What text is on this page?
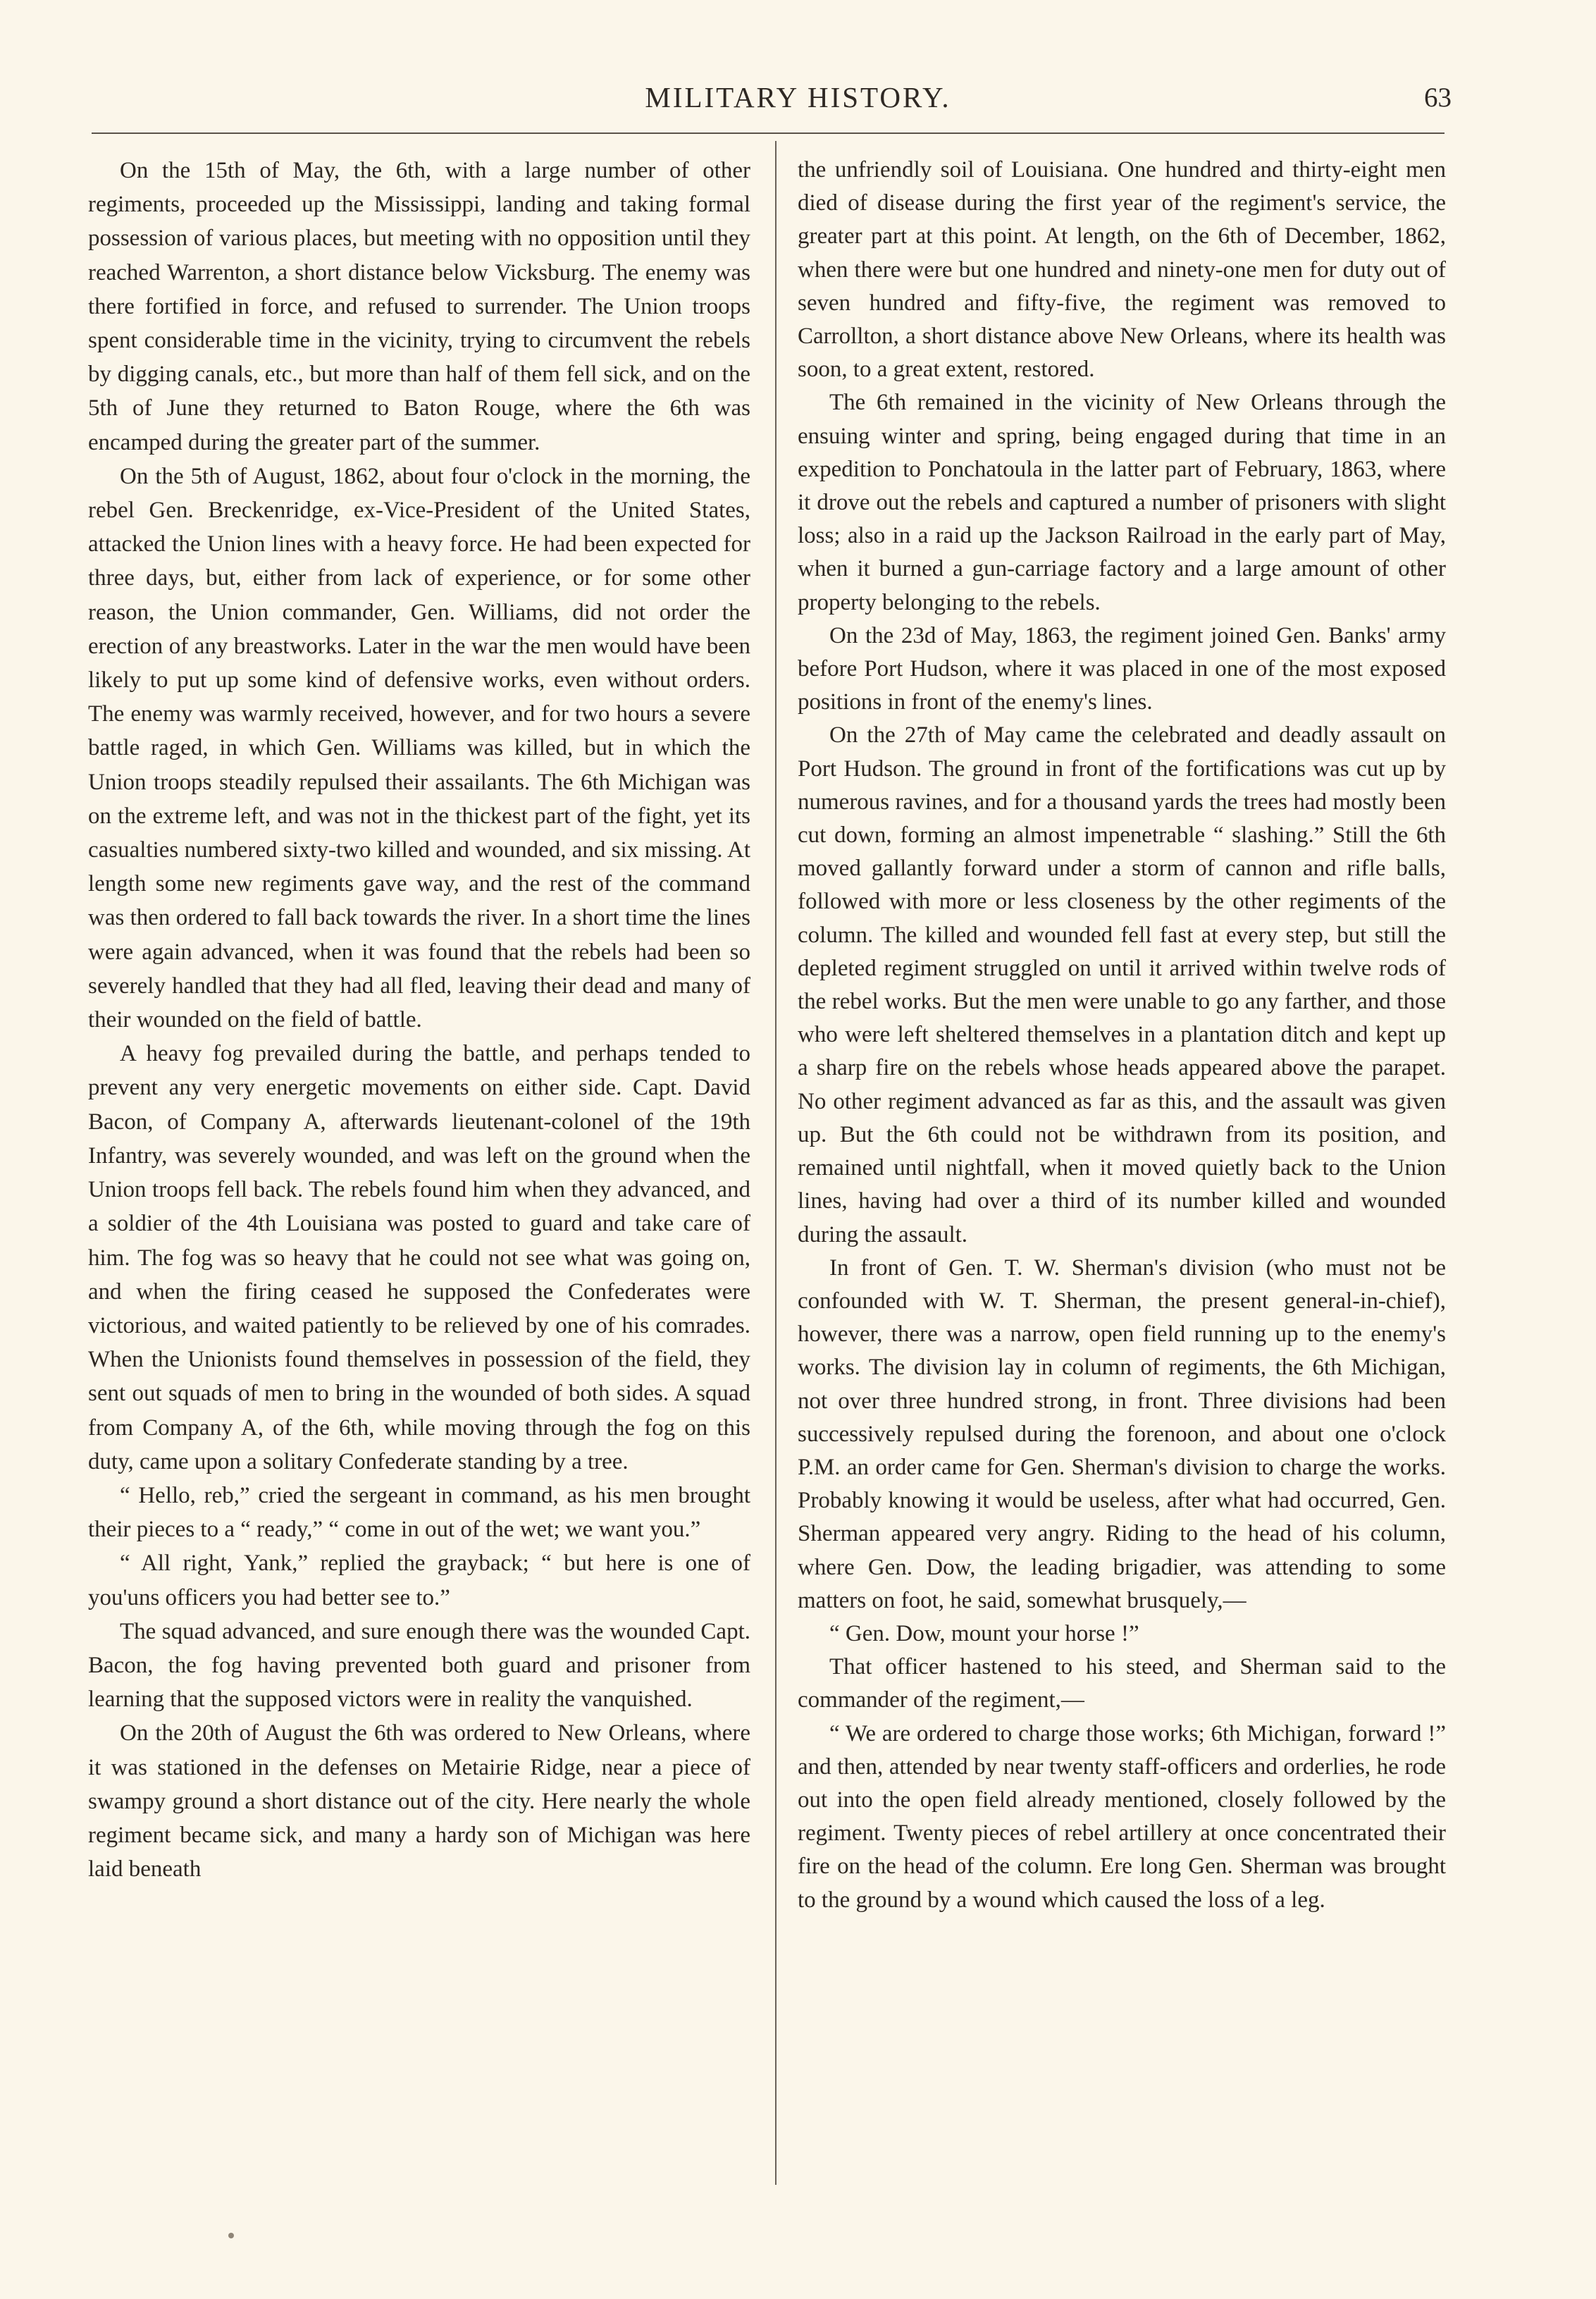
MILITARY HISTORY.	63

On the 15th of May, the 6th, with a large number of other regiments, proceeded up the Mississippi, landing and taking formal possession of various places, but meeting with no opposition until they reached Warrenton, a short distance below Vicksburg. The enemy was there fortified in force, and refused to surrender. The Union troops spent considerable time in the vicinity, trying to circumvent the rebels by digging canals, etc., but more than half of them fell sick, and on the 5th of June they returned to Baton Rouge, where the 6th was encamped during the greater part of the summer.

On the 5th of August, 1862, about four o'clock in the morning, the rebel Gen. Breckenridge, ex-Vice-President of the United States, attacked the Union lines with a heavy force. He had been expected for three days, but, either from lack of experience, or for some other reason, the Union commander, Gen. Williams, did not order the erection of any breastworks. Later in the war the men would have been likely to put up some kind of defensive works, even without orders. The enemy was warmly received, however, and for two hours a severe battle raged, in which Gen. Williams was killed, but in which the Union troops steadily repulsed their assailants. The 6th Michigan was on the extreme left, and was not in the thickest part of the fight, yet its casualties numbered sixty-two killed and wounded, and six missing. At length some new regiments gave way, and the rest of the command was then ordered to fall back towards the river. In a short time the lines were again advanced, when it was found that the rebels had been so severely handled that they had all fled, leaving their dead and many of their wounded on the field of battle.

A heavy fog prevailed during the battle, and perhaps tended to prevent any very energetic movements on either side. Capt. David Bacon, of Company A, afterwards lieutenant-colonel of the 19th Infantry, was severely wounded, and was left on the ground when the Union troops fell back. The rebels found him when they advanced, and a soldier of the 4th Louisiana was posted to guard and take care of him. The fog was so heavy that he could not see what was going on, and when the firing ceased he supposed the Confederates were victorious, and waited patiently to be relieved by one of his comrades. When the Unionists found themselves in possession of the field, they sent out squads of men to bring in the wounded of both sides. A squad from Company A, of the 6th, while moving through the fog on this duty, came upon a solitary Confederate standing by a tree.

“ Hello, reb,” cried the sergeant in command, as his men brought their pieces to a “ ready,” “ come in out of the wet; we want you.”

“ All right, Yank,” replied the grayback; “ but here is one of you'uns officers you had better see to.”

The squad advanced, and sure enough there was the wounded Capt. Bacon, the fog having prevented both guard and prisoner from learning that the supposed victors were in reality the vanquished.

On the 20th of August the 6th was ordered to New Orleans, where it was stationed in the defenses on Metairie Ridge, near a piece of swampy ground a short distance out of the city. Here nearly the whole regiment became sick, and many a hardy son of Michigan was here laid beneath

the unfriendly soil of Louisiana. One hundred and thirty-eight men died of disease during the first year of the regiment's service, the greater part at this point. At length, on the 6th of December, 1862, when there were but one hundred and ninety-one men for duty out of seven hundred and fifty-five, the regiment was removed to Carrollton, a short distance above New Orleans, where its health was soon, to a great extent, restored.

The 6th remained in the vicinity of New Orleans through the ensuing winter and spring, being engaged during that time in an expedition to Ponchatoula in the latter part of February, 1863, where it drove out the rebels and captured a number of prisoners with slight loss; also in a raid up the Jackson Railroad in the early part of May, when it burned a gun-carriage factory and a large amount of other property belonging to the rebels.

On the 23d of May, 1863, the regiment joined Gen. Banks' army before Port Hudson, where it was placed in one of the most exposed positions in front of the enemy's lines.

On the 27th of May came the celebrated and deadly assault on Port Hudson. The ground in front of the fortifications was cut up by numerous ravines, and for a thousand yards the trees had mostly been cut down, forming an almost impenetrable “ slashing.” Still the 6th moved gallantly forward under a storm of cannon and rifle balls, followed with more or less closeness by the other regiments of the column. The killed and wounded fell fast at every step, but still the depleted regiment struggled on until it arrived within twelve rods of the rebel works. But the men were unable to go any farther, and those who were left sheltered themselves in a plantation ditch and kept up a sharp fire on the rebels whose heads appeared above the parapet. No other regiment advanced as far as this, and the assault was given up. But the 6th could not be withdrawn from its position, and remained until nightfall, when it moved quietly back to the Union lines, having had over a third of its number killed and wounded during the assault.

In front of Gen. T. W. Sherman's division (who must not be confounded with W. T. Sherman, the present general-in-chief), however, there was a narrow, open field running up to the enemy's works. The division lay in column of regiments, the 6th Michigan, not over three hundred strong, in front. Three divisions had been successively repulsed during the forenoon, and about one o'clock P.M. an order came for Gen. Sherman's division to charge the works. Probably knowing it would be useless, after what had occurred, Gen. Sherman appeared very angry. Riding to the head of his column, where Gen. Dow, the leading brigadier, was attending to some matters on foot, he said, somewhat brusquely,—

“ Gen. Dow, mount your horse !”

That officer hastened to his steed, and Sherman said to the commander of the regiment,—

“ We are ordered to charge those works; 6th Michigan, forward !” and then, attended by near twenty staff-officers and orderlies, he rode out into the open field already mentioned, closely followed by the regiment. Twenty pieces of rebel artillery at once concentrated their fire on the head of the column. Ere long Gen. Sherman was brought to the ground by a wound which caused the loss of a leg.
